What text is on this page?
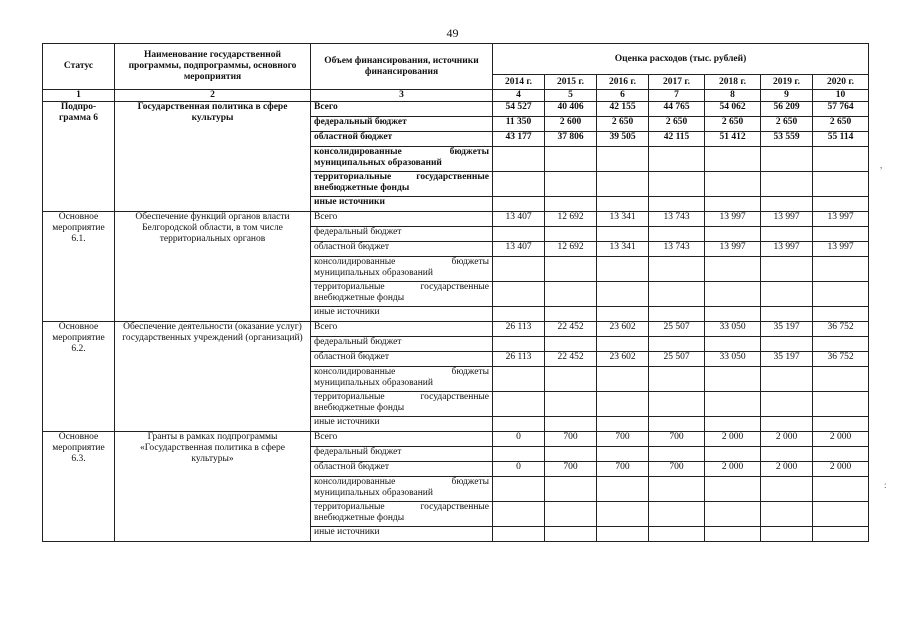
49
Статус	Наименование государственной программы, подпрограммы, основного мероприятия	Объем финансирования, источники финансирования	Оценка расходов (тыс. рублей)						
			2014 г.	2015 г.	2016 г.	2017 г.	2018 г.	2019 г.	2020 г.
1	2	3	4	5	6	7	8	9	10
Подпро-грамма 6	Государственная политика в сфере культуры	Всего	54 527	40 406	42 155	44 765	54 062	56 209	57 764
		федеральный бюджет	11 350	2 600	2 650	2 650	2 650	2 650	2 650
		областной бюджет	43 177	37 806	39 505	42 115	51 412	53 559	55 114
		консолидированные бюджеты муниципальных образований							
		территориальные государственные внебюджетные фонды							
		иные источники							
Основное мероприятие 6.1.	Обеспечение функций органов власти Белгородской области, в том числе территориальных органов	Всего	13 407	12 692	13 341	13 743	13 997	13 997	13 997
		федеральный бюджет							
		областной бюджет	13 407	12 692	13 341	13 743	13 997	13 997	13 997
		консолидированные бюджеты муниципальных образований							
		территориальные государственные внебюджетные фонды							
		иные источники							
Основное мероприятие 6.2.	Обеспечение деятельности (оказание услуг) государственных учреждений (организаций)	Всего	26 113	22 452	23 602	25 507	33 050	35 197	36 752
		федеральный бюджет							
		областной бюджет	26 113	22 452	23 602	25 507	33 050	35 197	36 752
		консолидированные бюджеты муниципальных образований							
		территориальные государственные внебюджетные фонды							
		иные источники							
Основное мероприятие 6.3.	Гранты в рамках подпрограммы «Государственная политика в сфере культуры»	Всего	0	700	700	700	2 000	2 000	2 000
		федеральный бюджет							
		областной бюджет	0	700	700	700	2 000	2 000	2 000
		консолидированные бюджеты муниципальных образований							
		территориальные государственные внебюджетные фонды							
		иные источники							
,
:
